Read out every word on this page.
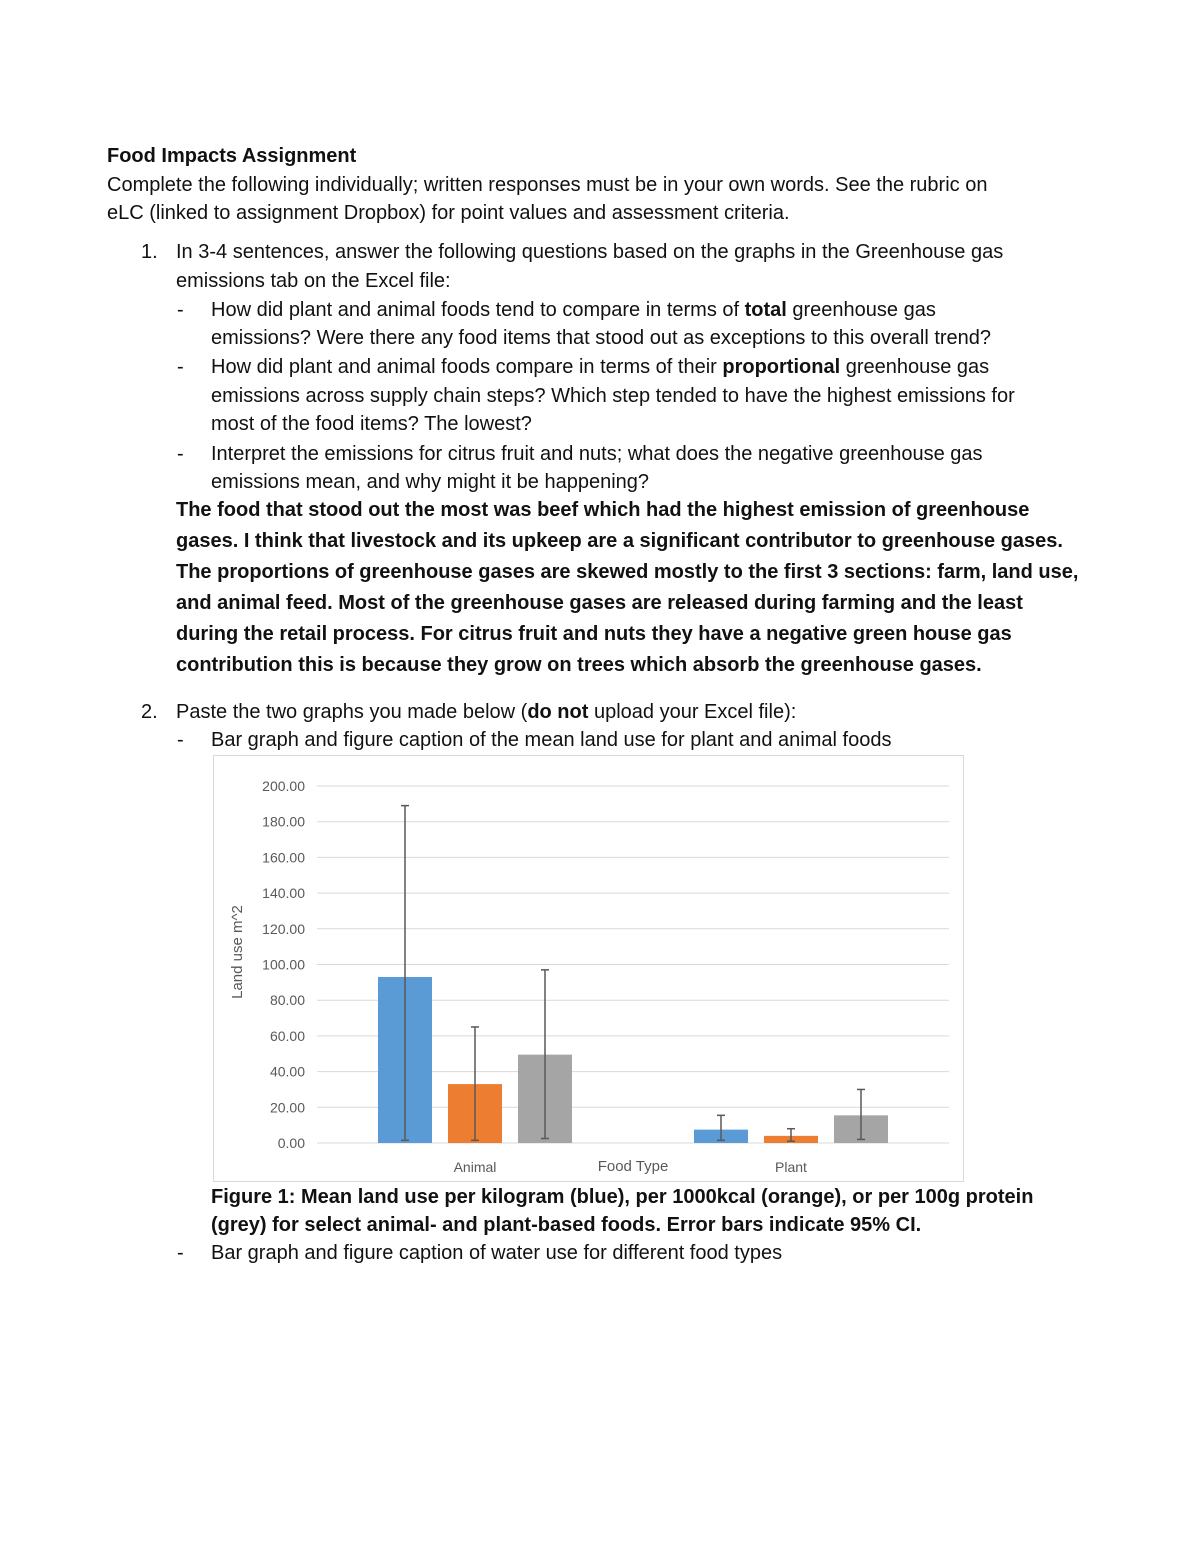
Food Impacts Assignment
Complete the following individually; written responses must be in your own words. See the rubric on
eLC (linked to assignment Dropbox) for point values and assessment criteria.
1. In 3-4 sentences, answer the following questions based on the graphs in the Greenhouse gas
emissions tab on the Excel file:
- How did plant and animal foods tend to compare in terms of total greenhouse gas
emissions? Were there any food items that stood out as exceptions to this overall trend?
- How did plant and animal foods compare in terms of their proportional greenhouse gas
emissions across supply chain steps? Which step tended to have the highest emissions for
most of the food items? The lowest?
- Interpret the emissions for citrus fruit and nuts; what does the negative greenhouse gas
emissions mean, and why might it be happening?
The food that stood out the most was beef which had the highest emission of greenhouse
gases. I think that livestock and its upkeep are a significant contributor to greenhouse gases.
The proportions of greenhouse gases are skewed mostly to the first 3 sections: farm, land use,
and animal feed. Most of the greenhouse gases are released during farming and the least
during the retail process. For citrus fruit and nuts they have a negative green house gas
contribution this is because they grow on trees which absorb the greenhouse gases.
2. Paste the two graphs you made below (do not upload your Excel file):
- Bar graph and figure caption of the mean land use for plant and animal foods
0.00
20.00
40.00
60.00
80.00
100.00
120.00
140.00
160.00
180.00
200.00
Animal	Plant
Land use m^2
Food Type
Figure 1: Mean land use per kilogram (blue), per 1000kcal (orange), or per 100g protein
(grey) for select animal- and plant-based foods. Error bars indicate 95% CI.
- Bar graph and figure caption of water use for different food types
